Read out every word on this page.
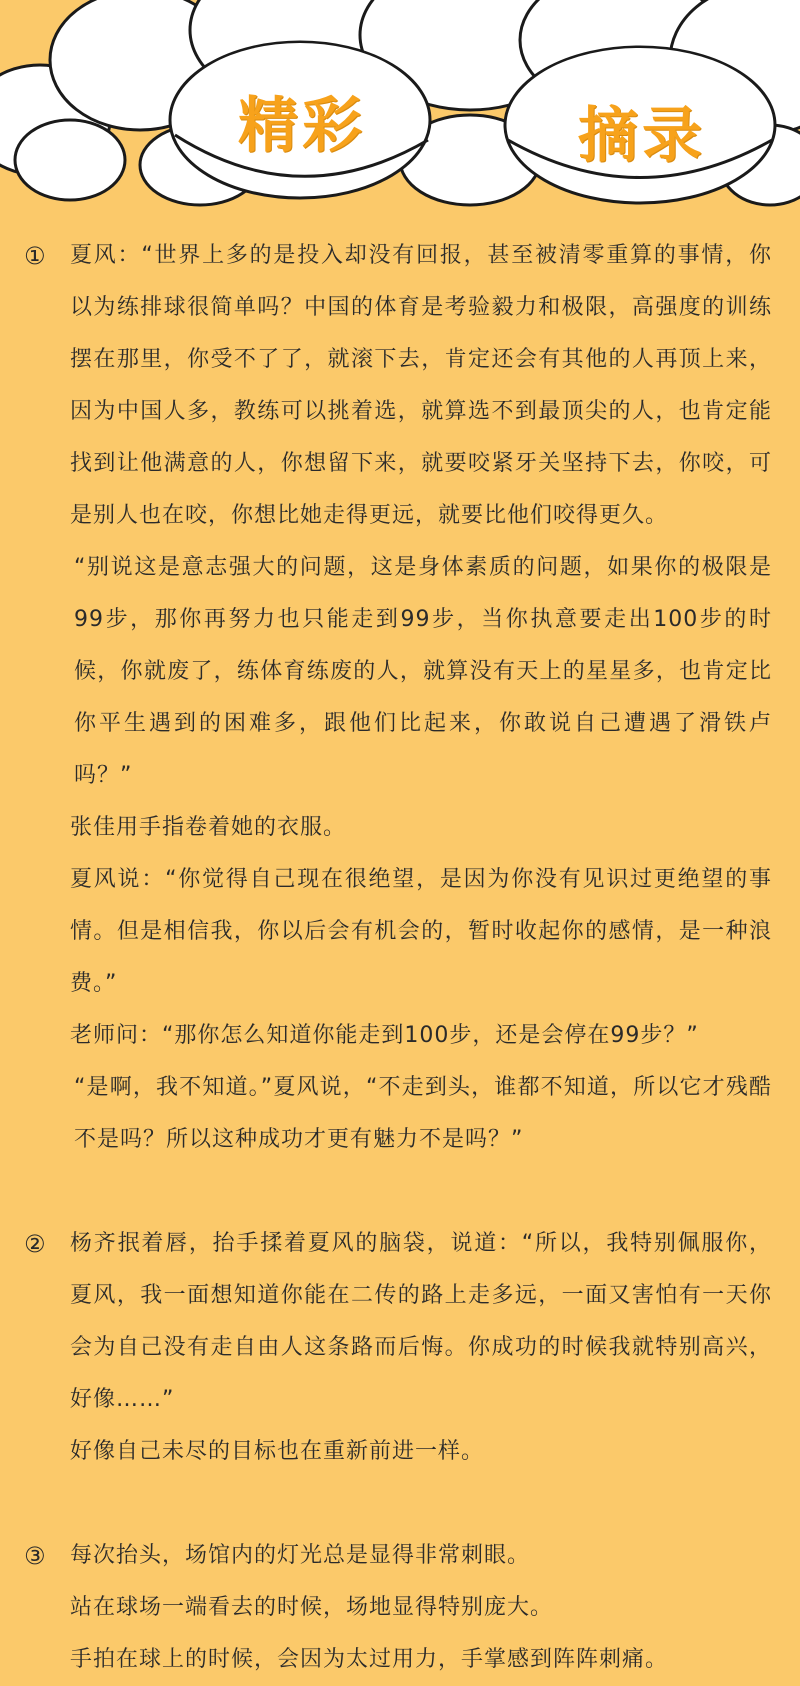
精彩	摘录
①	夏风：“世界上多的是投入却没有回报，甚至被清零重算的事情，你以为练排球很简单吗？中国的体育是考验毅力和极限，高强度的训练摆在那里，你受不了了，就滚下去，肯定还会有其他的人再顶上来，因为中国人多，教练可以挑着选，就算选不到最顶尖的人，也肯定能找到让他满意的人，你想留下来，就要咬紧牙关坚持下去，你咬，可是别人也在咬，你想比她走得更远，就要比他们咬得更久。

“别说这是意志强大的问题，这是身体素质的问题，如果你的极限是99步，那你再努力也只能走到99步，当你执意要走出100步的时候，你就废了，练体育练废的人，就算没有天上的星星多，也肯定比你平生遇到的困难多，跟他们比起来，你敢说自己遭遇了滑铁卢吗？”

张佳用手指卷着她的衣服。

夏风说：“你觉得自己现在很绝望，是因为你没有见识过更绝望的事情。但是相信我，你以后会有机会的，暂时收起你的感情，是一种浪费。”

老师问：“那你怎么知道你能走到100步，还是会停在99步？”

“是啊，我不知道。”夏风说，“不走到头，谁都不知道，所以它才残酷不是吗？所以这种成功才更有魅力不是吗？”

②	杨齐抿着唇，抬手揉着夏风的脑袋，说道：“所以，我特别佩服你，夏风，我一面想知道你能在二传的路上走多远，一面又害怕有一天你会为自己没有走自由人这条路而后悔。你成功的时候我就特别高兴，好像……”

好像自己未尽的目标也在重新前进一样。

③	每次抬头，场馆内的灯光总是显得非常刺眼。

站在球场一端看去的时候，场地显得特别庞大。

手拍在球上的时候，会因为太过用力，手掌感到阵阵刺痛。
